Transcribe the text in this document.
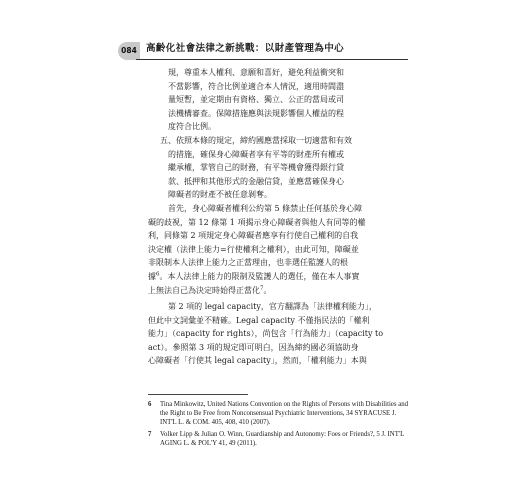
084 高齡化社會法律之新挑戰：以財產管理為中心
規，尊重本人權利、意願和喜好，避免利益衝突和
不當影響，符合比例並適合本人情況，適用時間盡
量短暫，並定期由有資格、獨立、公正的當局或司
法機構審查。保障措施應與法規影響個人權益的程
度符合比例。
五、依照本條的規定，締約國應當採取一切適當和有效
的措施，確保身心障礙者享有平等的財產所有權或
繼承權，掌管自己的財務，有平等機會獲得銀行貸
款、抵押和其他形式的金融信貸，並應當確保身心
障礙者的財產不被任意剝奪。
首先，身心障礙者權利公約第 5 條禁止任何基於身心障
礙的歧視，第 12 條第 1 項揭示身心障礙者與他人有同等的權
利，同條第 2 項規定身心障礙者應享有行使自己權利的自我
決定權（法律上能力=行使權利之權利），由此可知，障礙並
非限制本人法律上能力之正當理由，也非選任監護人的根
據$^6$。本人法律上能力的限制及監護人的選任，僅在本人事實
上無法自己為決定時始得正當化$^7$。
第 2 項的 legal capacity，官方翻譯為「法律權利能力」，
但此中文詞彙並不精確。Legal capacity 不僅指民法的「權利
能力」（capacity for rights），尚包含「行為能力」（capacity to
act）。參照第 3 項的規定即可明白，因為締約國必須協助身
心障礙者「行使其 legal capacity」，然而，「權利能力」本與
6 Tina Minkowitz, United Nations Convention on the Rights of Persons with Disabilities and the Right to Be Free from Nonconsensual Psychiatric Interventions, 34 SYRACUSE J. INT'L L. & COM. 405, 408, 410 (2007).
7 Volker Lipp & Julian O. Winn, Guardianship and Autonomy: Foes or Friends?, 5 J. INT'L AGING L. & POL'Y 41, 49 (2011).
